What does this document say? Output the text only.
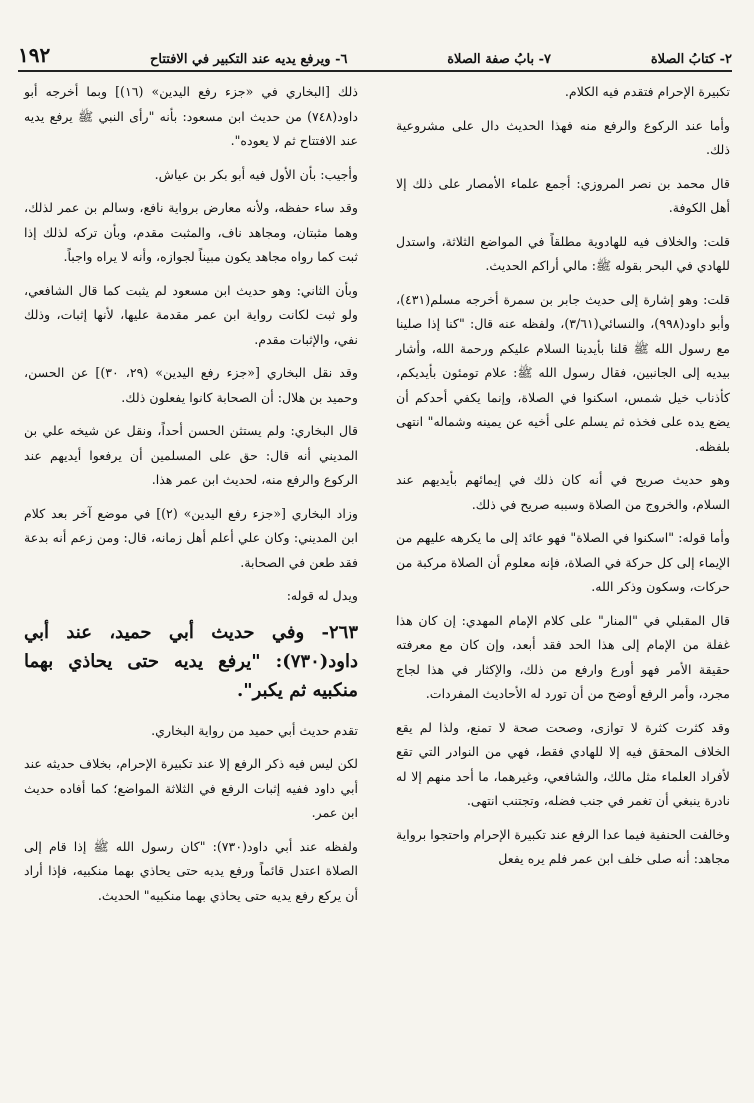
١٩٢	٦- ويرفع يديه عند التكبير في الافتتاح	٧- بابُ صفة الصلاة	٢- كتابُ الصلاة

تكبيرة الإحرام فتقدم فيه الكلام.

وأما عند الركوع والرفع منه فهذا الحديث دال على مشروعية ذلك.

قال محمد بن نصر المروزي: أجمع علماء الأمصار على ذلك إلا أهل الكوفة.

قلت: والخلاف فيه للهادوية مطلقاً في المواضع الثلاثة، واستدل للهادي في البحر بقوله ﷺ: مالي أراكم الحديث.

قلت: وهو إشارة إلى حديث جابر بن سمرة أخرجه مسلم(٤٣١)، وأبو داود(٩٩٨)، والنسائي(٣/٦١)، ولفظه عنه قال: "كنا إذا صلينا مع رسول الله ﷺ قلنا بأيدينا السلام عليكم ورحمة الله، وأشار بيديه إلى الجانبين، فقال رسول الله ﷺ: علام تومئون بأيديكم، كأذناب خيل شمس، اسكنوا في الصلاة، وإنما يكفي أحدكم أن يضع يده على فخذه ثم يسلم على أخيه عن يمينه وشماله" انتهى بلفظه.

وهو حديث صريح في أنه كان ذلك في إيمائهم بأيديهم عند السلام، والخروج من الصلاة وسببه صريح في ذلك.

وأما قوله: "اسكنوا في الصلاة" فهو عائد إلى ما يكرهه عليهم من الإيماء إلى كل حركة في الصلاة، فإنه معلوم أن الصلاة مركبة من حركات، وسكون وذكر الله.

قال المقبلي في "المنار" على كلام الإمام المهدي: إن كان هذا غفلة من الإمام إلى هذا الحد فقد أبعد، وإن كان مع معرفته حقيقة الأمر فهو أورع وارفع من ذلك، والإكثار في هذا لجاج مجرد، وأمر الرفع أوضح من أن تورد له الأحاديث المفردات.

وقد كثرت كثرة لا توازى، وصحت صحة لا تمنع، ولذا لم يقع الخلاف المحقق فيه إلا للهادي فقط، فهي من النوادر التي تقع لأفراد العلماء مثل مالك، والشافعي، وغيرهما، ما أحد منهم إلا له نادرة ينبغي أن تغمر في جنب فضله، وتجتنب انتهى.

وخالفت الحنفية فيما عدا الرفع عند تكبيرة الإحرام واحتجوا برواية مجاهد: أنه صلى خلف ابن عمر فلم يره يفعل

ذلك [البخاري في «جزء رفع اليدين» (١٦)] وبما أخرجه أبو داود(٧٤٨) من حديث ابن مسعود: بأنه "رأى النبي ﷺ يرفع يديه عند الافتتاح ثم لا يعوده".

وأجيب: بأن الأول فيه أبو بكر بن عياش.

وقد ساء حفظه، ولأنه معارض برواية نافع، وسالم بن عمر لذلك، وهما مثبتان، ومجاهد ناف، والمثبت مقدم، وبأن تركه لذلك إذا ثبت كما رواه مجاهد يكون مبيناً لجوازه، وأنه لا يراه واجباً.

وبأن الثاني: وهو حديث ابن مسعود لم يثبت كما قال الشافعي، ولو ثبت لكانت رواية ابن عمر مقدمة عليها، لأنها إثبات، وذلك نفي، والإثبات مقدم.

وقد نقل البخاري [«جزء رفع اليدين» (٢٩، ٣٠)] عن الحسن، وحميد بن هلال: أن الصحابة كانوا يفعلون ذلك.

قال البخاري: ولم يستثن الحسن أحداً، ونقل عن شيخه علي بن المديني أنه قال: حق على المسلمين أن يرفعوا أيديهم عند الركوع والرفع منه، لحديث ابن عمر هذا.

وزاد البخاري [«جزء رفع اليدين» (٢)] في موضع آخر بعد كلام ابن المديني: وكان علي أعلم أهل زمانه، قال: ومن زعم أنه بدعة فقد طعن في الصحابة.

ويدل له قوله:

٢٦٣- وفي حديث أبي حميد، عند أبي داود(٧٣٠): "يرفع يديه حتى يحاذي بهما منكبيه ثم يكبر".

تقدم حديث أبي حميد من رواية البخاري.

لكن ليس فيه ذكر الرفع إلا عند تكبيرة الإحرام، بخلاف حديثه عند أبي داود ففيه إثبات الرفع في الثلاثة المواضع؛ كما أفاده حديث ابن عمر.

ولفظه عند أبي داود(٧٣٠): "كان رسول الله ﷺ إذا قام إلى الصلاة اعتدل قائماً ورفع يديه حتى يحاذي بهما منكبيه، فإذا أراد أن يركع رفع يديه حتى يحاذي بهما منكبيه" الحديث.
